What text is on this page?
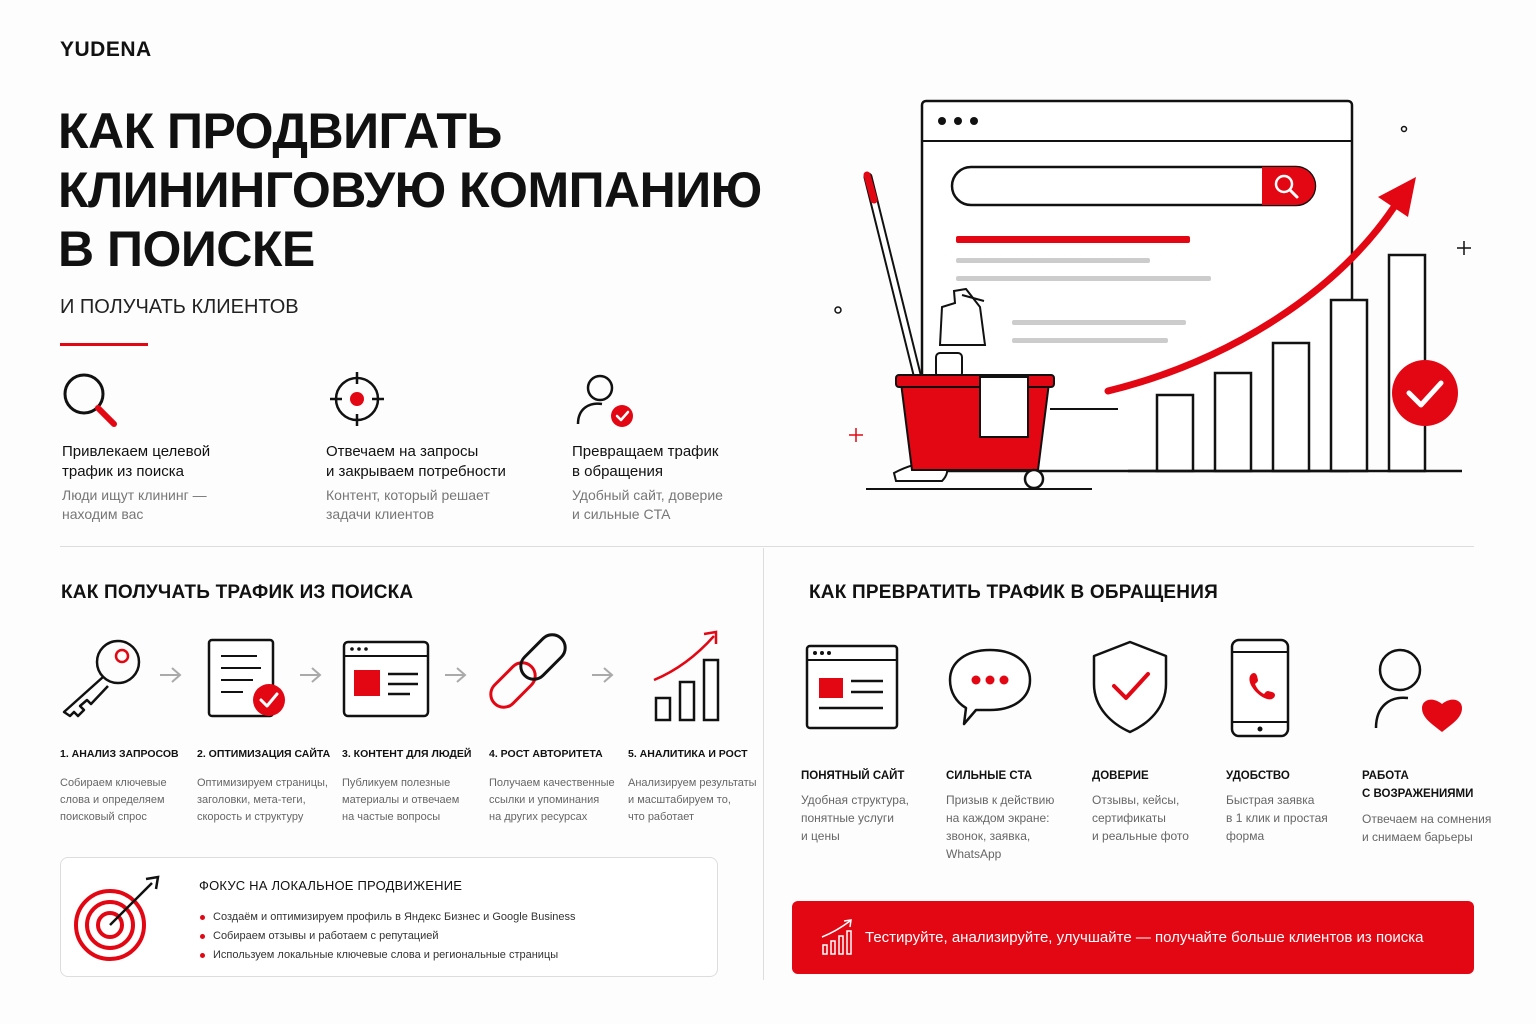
YUDENA
КАК ПРОДВИГАТЬ
КЛИНИНГОВУЮ КОМПАНИЮ
В ПОИСКЕ
И ПОЛУЧАТЬ КЛИЕНТОВ
Привлекаем целевой
трафик из поиска
Люди ищут клининг —
находим вас
Отвечаем на запросы
и закрываем потребности
Контент, который решает
задачи клиентов
Превращаем трафик
в обращения
Удобный сайт, доверие
и сильные CTA
КАК ПОЛУЧАТЬ ТРАФИК ИЗ ПОИСКА
1. АНАЛИЗ ЗАПРОСОВ
Собираем ключевые
слова и определяем
поисковый спрос
2. ОПТИМИЗАЦИЯ САЙТА
Оптимизируем страницы,
заголовки, мета-теги,
скорость и структуру
3. КОНТЕНТ ДЛЯ ЛЮДЕЙ
Публикуем полезные
материалы и отвечаем
на частые вопросы
4. РОСТ АВТОРИТЕТА
Получаем качественные
ссылки и упоминания
на других ресурсах
5. АНАЛИТИКА И РОСТ
Анализируем результаты
и масштабируем то,
что работает
ФОКУС НА ЛОКАЛЬНОЕ ПРОДВИЖЕНИЕ
Создаём и оптимизируем профиль в Яндекс Бизнес и Google Business
Собираем отзывы и работаем с репутацией
Используем локальные ключевые слова и региональные страницы
КАК ПРЕВРАТИТЬ ТРАФИК В ОБРАЩЕНИЯ
ПОНЯТНЫЙ САЙТ
Удобная структура,
понятные услуги
и цены
СИЛЬНЫЕ CTA
Призыв к действию
на каждом экране:
звонок, заявка,
WhatsApp
ДОВЕРИЕ
Отзывы, кейсы,
сертификаты
и реальные фото
УДОБСТВО
Быстрая заявка
в 1 клик и простая
форма
РАБОТА
С ВОЗРАЖЕНИЯМИ
Отвечаем на сомнения
и снимаем барьеры
Тестируйте, анализируйте, улучшайте — получайте больше клиентов из поиска
